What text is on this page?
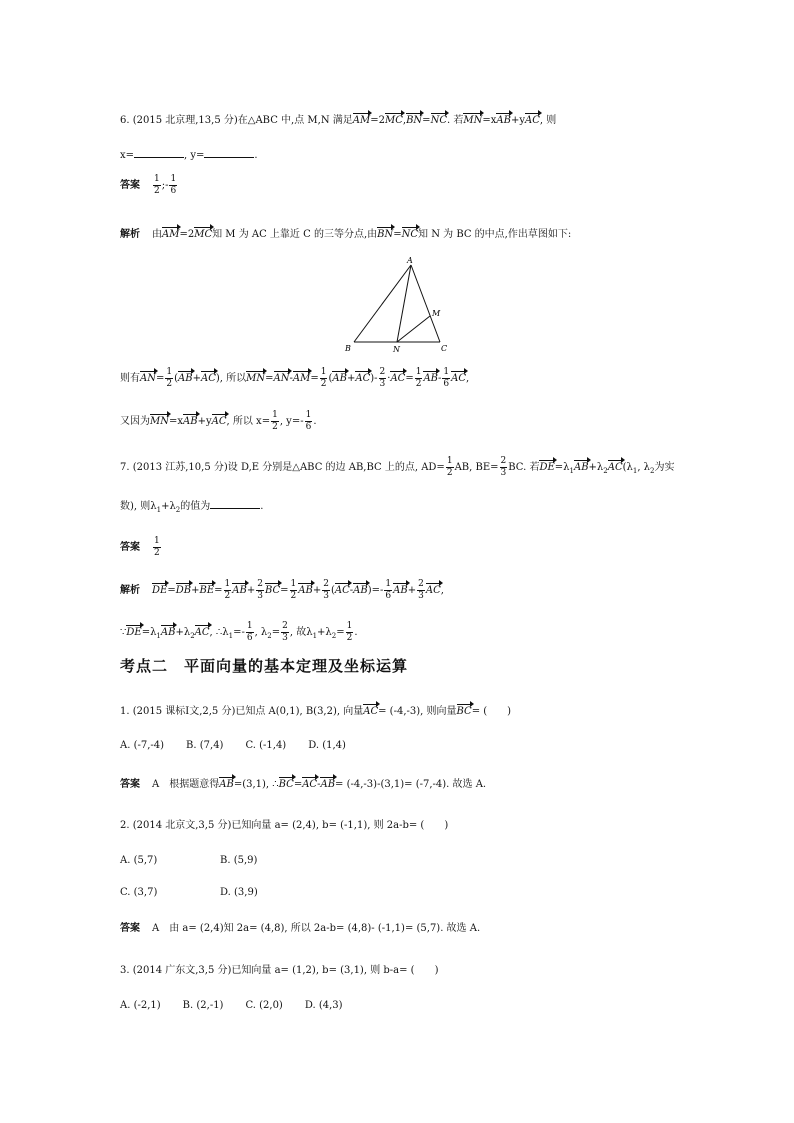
6. (2015 北京理,13,5 分)在△ABC 中,点 M,N 满足AM=2MC,BN=NC. 若MN=xAB+yAC, 则
x=	, y=	.
答案 $\frac{1}{2}$ ;- $\frac{1}{6}$
解析 由AM=2MC知 M 为 AC 上靠近 C 的三等分点,由BN=NC知 N 为 BC 的中点,作出草图如下:
A
B	C
M
N
则有$AN= \frac{1}{2} (AB+AC)$, 所以$MN=AN-AM= \frac{1}{2} (AB+AC)- \frac{2}{3} \cdot AC= \frac{1}{2} AB- \frac{1}{6}$ AC,
又因为MN=xAB+yAC, 所以 $x= \frac{1}{2}$ , $y=- \frac{1}{6}$ .
7. (2013 江苏,10,5 分)设 D,E 分别是△ABC 的边 AB,BC 上的点, $AD= \frac{1}{2}$ AB, $BE= \frac{2}{3}$ BC. 若$DE=\lambda_1AB+\lambda_2AC(\lambda_1$, $\lambda_2$为实
数), 则$\lambda_1+\lambda_2$的值为	.
答案 $\frac{1}{2}$
解析 $DE=DB+BE= \frac{1}{2} AB+ \frac{2}{3} BC= \frac{1}{2} AB+ \frac{2}{3} (AC-AB)=- \frac{1}{6} AB+ \frac{2}{3}$ AC,
$\because DE=\lambda_1AB+\lambda_2AC$, $\therefore\lambda_1=- \frac{1}{6}$ , $\lambda_2= \frac{2}{3}$ , 故$\lambda_1+\lambda_2= \frac{1}{2}$ .
考点二　平面向量的基本定理及坐标运算
1. (2015 课标Ⅰ文,2,5 分)已知点 A(0,1), B(3,2), 向量AC= (-4,-3), 则向量BC= (　　)
A. (-7,-4) B. (7,4) C. (-1,4) D. (1,4)
答案 A　根据题意得AB=(3,1), ∴BC=AC-AB= (-4,-3)-(3,1)= (-7,-4). 故选 A.
2. (2014 北京文,3,5 分)已知向量 a= (2,4), b= (-1,1), 则 2a-b= (　　)
A. (5,7)	B. (5,9)
C. (3,7)	D. (3,9)
答案 A　由 a= (2,4)知 2a= (4,8), 所以 2a-b= (4,8)- (-1,1)= (5,7). 故选 A.
3. (2014 广东文,3,5 分)已知向量 a= (1,2), b= (3,1), 则 b-a= (　　)
A. (-2,1) B. (2,-1) C. (2,0) D. (4,3)
